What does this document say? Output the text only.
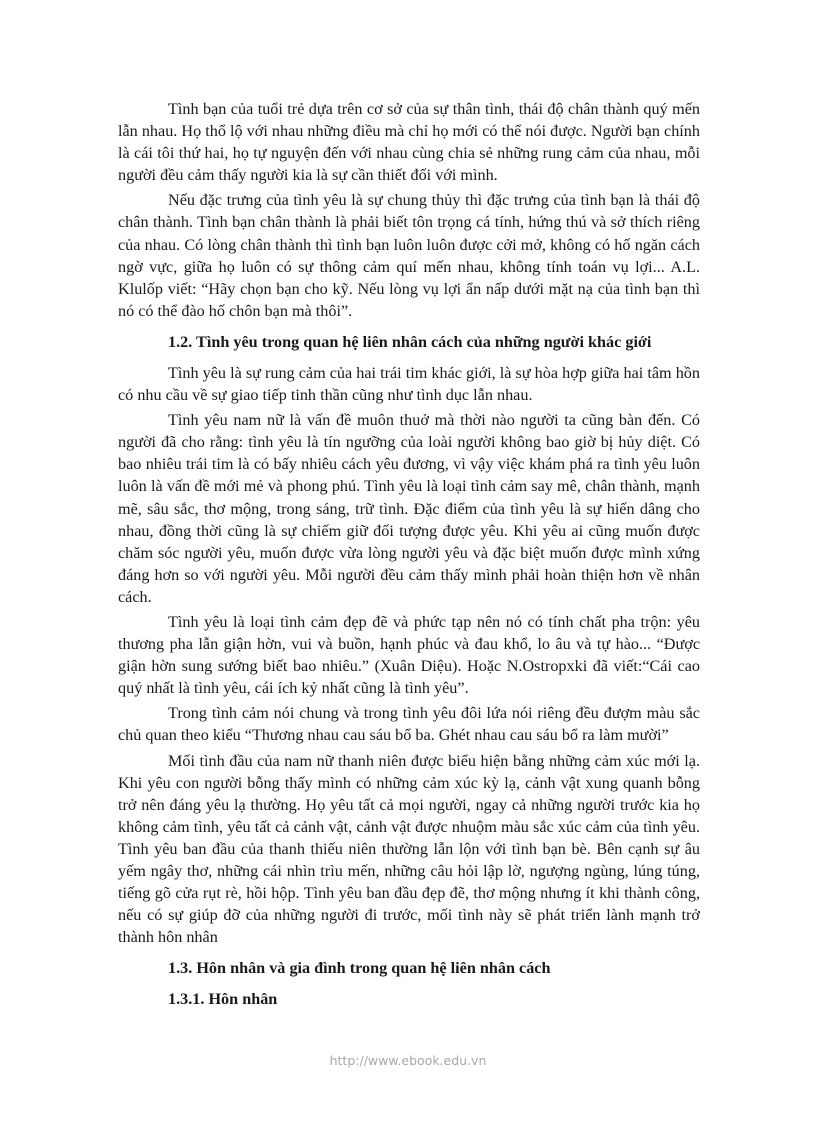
Tình bạn của tuổi trẻ dựa trên cơ sở của sự thân tình, thái độ chân thành quý mến lẫn nhau. Họ thổ lộ với nhau những điều mà chỉ họ mới có thể nói được. Người bạn chính là cái tôi thứ hai, họ tự nguyện đến với nhau cùng chia sẻ những rung cảm của nhau, mỗi người đều cảm thấy người kia là sự cần thiết đối với mình.

Nếu đặc trưng của tình yêu là sự chung thủy thì đặc trưng của tình bạn là thái độ chân thành. Tình bạn chân thành là phải biết tôn trọng cá tính, hứng thú và sở thích riêng của nhau. Có lòng chân thành thì tình bạn luôn luôn được cởi mở, không có hố ngăn cách ngờ vực, giữa họ luôn có sự thông cảm quí mến nhau, không tính toán vụ lợi... A.L. Klulốp viết: “Hãy chọn bạn cho kỹ. Nếu lòng vụ lợi ẩn nấp dưới mặt nạ của tình bạn thì nó có thể đào hố chôn bạn mà thôi”.

1.2. Tình yêu trong quan hệ liên nhân cách của những người khác giới

Tình yêu là sự rung cảm của hai trái tim khác giới, là sự hòa hợp giữa hai tâm hồn có nhu cầu về sự giao tiếp tinh thần cũng như tình dục lẫn nhau.

Tình yêu nam nữ là vấn đề muôn thuở mà thời nào người ta cũng bàn đến. Có người đã cho rằng: tình yêu là tín ngưỡng của loài người không bao giờ bị hủy diệt. Có bao nhiêu trái tim là có bấy nhiêu cách yêu đương, vì vậy việc khám phá ra tình yêu luôn luôn là vấn đề mới mẻ và phong phú. Tình yêu là loại tình cảm say mê, chân thành, mạnh mẽ, sâu sắc, thơ mộng, trong sáng, trữ tình. Đặc điểm của tình yêu là sự hiến dâng cho nhau, đồng thời cũng là sự chiếm giữ đối tượng được yêu. Khi yêu ai cũng muốn được chăm sóc người yêu, muốn được vừa lòng người yêu và đặc biệt muốn được mình xứng đáng hơn so với người yêu. Mỗi người đều cảm thấy mình phải hoàn thiện hơn về nhân cách.

Tình yêu là loại tình cảm đẹp đẽ và phức tạp nên nó có tính chất pha trộn: yêu thương pha lẫn giận hờn, vui và buồn, hạnh phúc và đau khổ, lo âu và tự hào... “Được giận hờn sung sướng biết bao nhiêu.” (Xuân Diệu). Hoặc N.Ostropxki đã viết:“Cái cao quý nhất là tình yêu, cái ích kỷ nhất cũng là tình yêu”.

Trong tình cảm nói chung và trong tình yêu đôi lứa nói riêng đều đượm màu sắc chủ quan theo kiểu “Thương nhau cau sáu bổ ba. Ghét nhau cau sáu bổ ra làm mười”

Mối tình đầu của nam nữ thanh niên được biểu hiện bằng những cảm xúc mới lạ. Khi yêu con người bỗng thấy mình có những cảm xúc kỳ lạ, cảnh vật xung quanh bỗng trở nên đáng yêu lạ thường. Họ yêu tất cả mọi người, ngay cả những người trước kia họ không cảm tình, yêu tất cả cảnh vật, cảnh vật được nhuộm màu sắc xúc cảm của tình yêu. Tình yêu ban đầu của thanh thiếu niên thường lẫn lộn với tình bạn bè. Bên cạnh sự âu yếm ngây thơ, những cái nhìn trìu mến, những câu hỏi lập lờ, ngượng ngùng, lúng túng, tiếng gõ cửa rụt rè, hồi hộp. Tình yêu ban đầu đẹp đẽ, thơ mộng nhưng ít khi thành công, nếu có sự giúp đỡ của những người đi trước, mối tình này sẽ phát triển lành mạnh trở thành hôn nhân

1.3. Hôn nhân và gia đình trong quan hệ liên nhân cách
1.3.1. Hôn nhân
http://www.ebook.edu.vn
